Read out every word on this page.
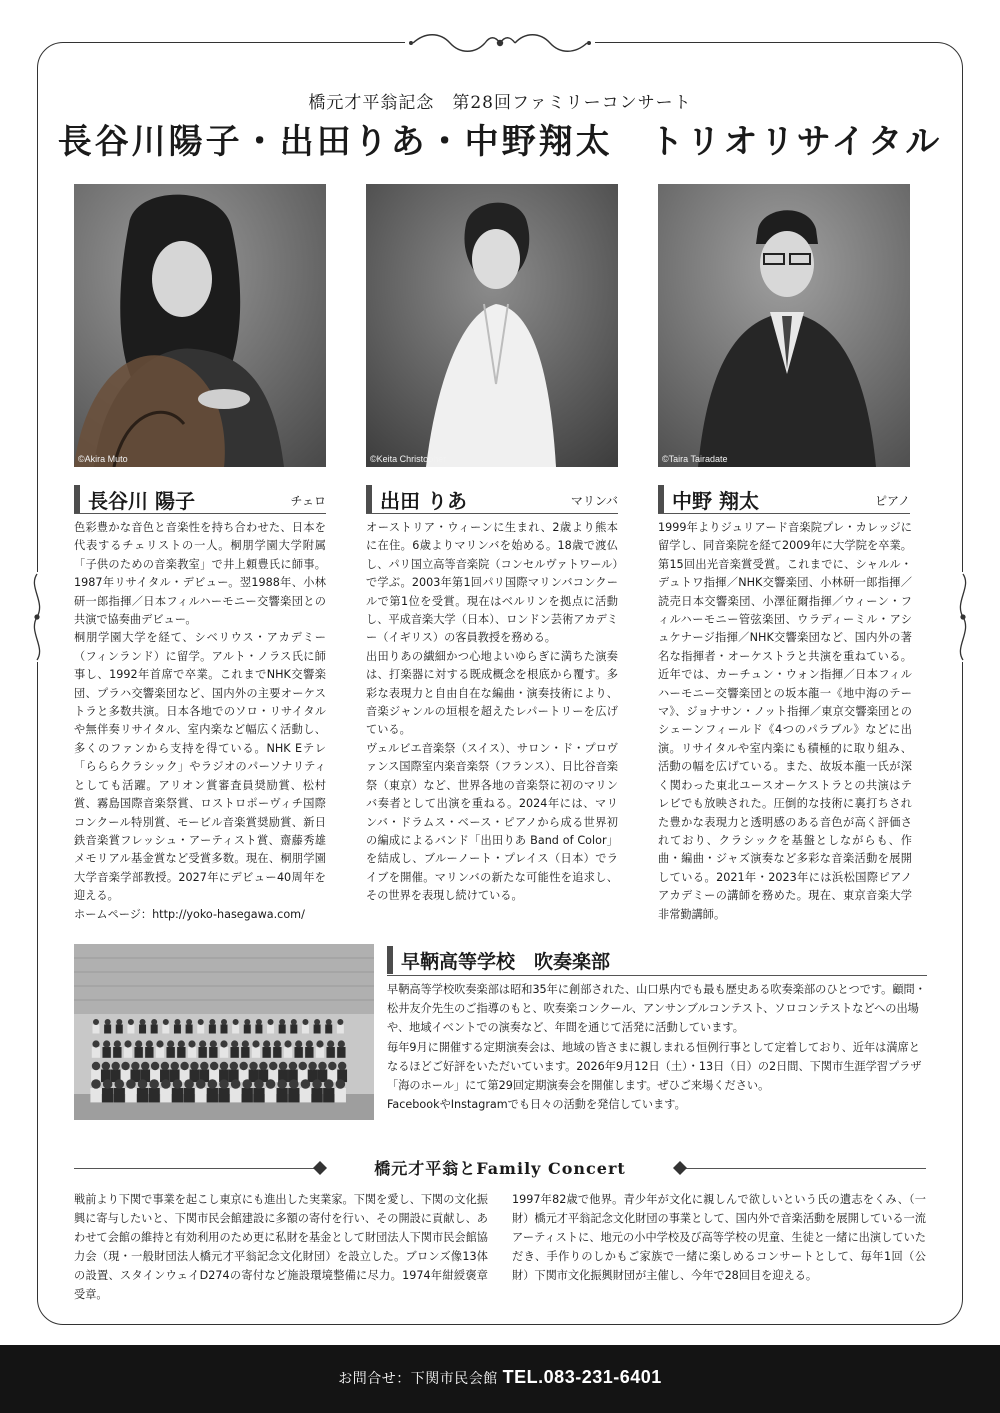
橋元才平翁記念　第28回ファミリーコンサート
長谷川陽子・出田りあ・中野翔太　トリオリサイタル
©Akira Muto	©Keita Christopher	©Taira Tairadate
長谷川 陽子	チェロ	出田 りあ	マリンバ	中野 翔太	ピアノ

色彩豊かな音色と音楽性を持ち合わせた、日本を代表するチェリストの一人。桐朋学園大学附属「子供のための音楽教室」で井上頼豊氏に師事。1987年リサイタル・デビュー。翌1988年、小林研一郎指揮／日本フィルハーモニー交響楽団との共演で協奏曲デビュー。

桐朋学園大学を経て、シベリウス・アカデミー（フィンランド）に留学。アルト・ノラス氏に師事し、1992年首席で卒業。これまでNHK交響楽団、プラハ交響楽団など、国内外の主要オーケストラと多数共演。日本各地でのソロ・リサイタルや無伴奏リサイタル、室内楽など幅広く活動し、多くのファンから支持を得ている。NHK Eテレ「らららクラシック」やラジオのパーソナリティとしても活躍。アリオン賞審査員奨励賞、松村賞、霧島国際音楽祭賞、ロストロポーヴィチ国際コンクール特別賞、モービル音楽賞奨励賞、新日鉄音楽賞フレッシュ・アーティスト賞、齋藤秀雄メモリアル基金賞など受賞多数。現在、桐朋学園大学音楽学部教授。2027年にデビュー40周年を迎える。

ホームページ：http://yoko-hasegawa.com/

オーストリア・ウィーンに生まれ、2歳より熊本に在住。6歳よりマリンバを始める。18歳で渡仏し、パリ国立高等音楽院（コンセルヴァトワール）で学ぶ。2003年第1回パリ国際マリンバコンクールで第1位を受賞。現在はベルリンを拠点に活動し、平成音楽大学（日本）、ロンドン芸術アカデミー（イギリス）の客員教授を務める。

出田りあの繊細かつ心地よいゆらぎに満ちた演奏は、打楽器に対する既成概念を根底から覆す。多彩な表現力と自由自在な編曲・演奏技術により、音楽ジャンルの垣根を超えたレパートリーを広げている。

ヴェルビエ音楽祭（スイス）、サロン・ド・プロヴァンス国際室内楽音楽祭（フランス）、日比谷音楽祭（東京）など、世界各地の音楽祭に初のマリンバ奏者として出演を重ねる。2024年には、マリンバ・ドラムス・ベース・ピアノから成る世界初の編成によるバンド「出田りあ Band of Color」を結成し、ブルーノート・プレイス（日本）でライブを開催。マリンバの新たな可能性を追求し、その世界を表現し続けている。

1999年よりジュリアード音楽院プレ・カレッジに留学し、同音楽院を経て2009年に大学院を卒業。第15回出光音楽賞受賞。これまでに、シャルル・デュトワ指揮／NHK交響楽団、小林研一郎指揮／読売日本交響楽団、小澤征爾指揮／ウィーン・フィルハーモニー管弦楽団、ウラディーミル・アシュケナージ指揮／NHK交響楽団など、国内外の著名な指揮者・オーケストラと共演を重ねている。近年では、カーチュン・ウォン指揮／日本フィルハーモニー交響楽団との坂本龍一《地中海のテーマ》、ジョナサン・ノット指揮／東京交響楽団とのシェーンフィールド《4つのパラブル》などに出演。リサイタルや室内楽にも積極的に取り組み、活動の幅を広げている。また、故坂本龍一氏が深く関わった東北ユースオーケストラとの共演はテレビでも放映された。圧倒的な技術に裏打ちされた豊かな表現力と透明感のある音色が高く評価されており、クラシックを基盤としながらも、作曲・編曲・ジャズ演奏など多彩な音楽活動を展開している。2021年・2023年には浜松国際ピアノアカデミーの講師を務めた。現在、東京音楽大学非常勤講師。

早鞆高等学校　吹奏楽部

早鞆高等学校吹奏楽部は昭和35年に創部された、山口県内でも最も歴史ある吹奏楽部のひとつです。顧問・松井友介先生のご指導のもと、吹奏楽コンクール、アンサンブルコンテスト、ソロコンテストなどへの出場や、地域イベントでの演奏など、年間を通じて活発に活動しています。

毎年9月に開催する定期演奏会は、地域の皆さまに親しまれる恒例行事として定着しており、近年は満席となるほどご好評をいただいています。2026年9月12日（土）・13日（日）の2日間、下関市生涯学習プラザ「海のホール」にて第29回定期演奏会を開催します。ぜひご来場ください。

FacebookやInstagramでも日々の活動を発信しています。

橋元才平翁とFamily Concert

戦前より下関で事業を起こし東京にも進出した実業家。下関を愛し、下関の文化振興に寄与したいと、下関市民会館建設に多額の寄付を行い、その開設に貢献し、あわせて会館の維持と有効利用のため更に私財を基金として財団法人下関市民会館協力会（現・一般財団法人橋元才平翁記念文化財団）を設立した。ブロンズ像13体の設置、スタインウェイD274の寄付など施設環境整備に尽力。1974年紺綬褒章受章。

1997年82歳で他界。青少年が文化に親しんで欲しいという氏の遺志をくみ、（一財）橋元才平翁記念文化財団の事業として、国内外で音楽活動を展開している一流アーティストに、地元の小中学校及び高等学校の児童、生徒と一緒に出演していただき、手作りのしかもご家族で一緒に楽しめるコンサートとして、毎年1回（公財）下関市文化振興財団が主催し、今年で28回目を迎える。

お問合せ：下関市民会館 TEL.083-231-6401
